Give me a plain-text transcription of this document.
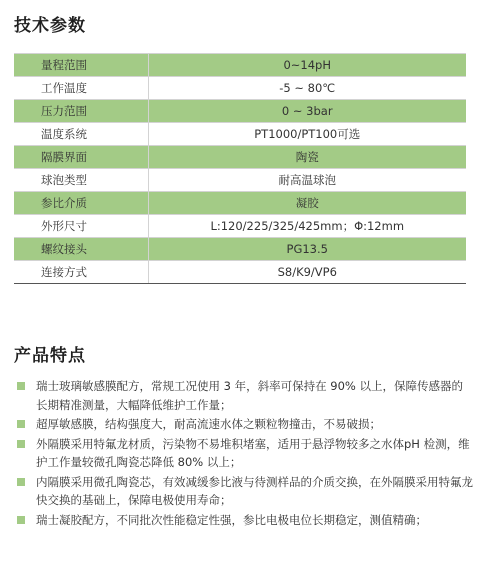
技术参数
量程范围	0~14pH
工作温度	-5 ~ 80℃
压力范围	0 ~ 3bar
温度系统	PT1000/PT100可选
隔膜界面	陶瓷
球泡类型	耐高温球泡
参比介质	凝胶
外形尺寸	L:120/225/325/425mm；Φ:12mm
螺纹接头	PG13.5
连接方式	S8/K9/VP6
产品特点
瑞士玻璃敏感膜配方，常规工况使用 3 年，斜率可保持在 90% 以上，保障传感器的长期精准测量，大幅降低维护工作量；
超厚敏感膜，结构强度大，耐高流速水体之颗粒物撞击，不易破损；
外隔膜采用特氟龙材质，污染物不易堆积堵塞，适用于悬浮物较多之水体pH 检测，维护工作量较微孔陶瓷芯降低 80% 以上；
内隔膜采用微孔陶瓷芯，有效减缓参比液与待测样品的介质交换，在外隔膜采用特氟龙快交换的基础上，保障电极使用寿命；
瑞士凝胶配方，不同批次性能稳定性强，参比电极电位长期稳定，测值精确；
